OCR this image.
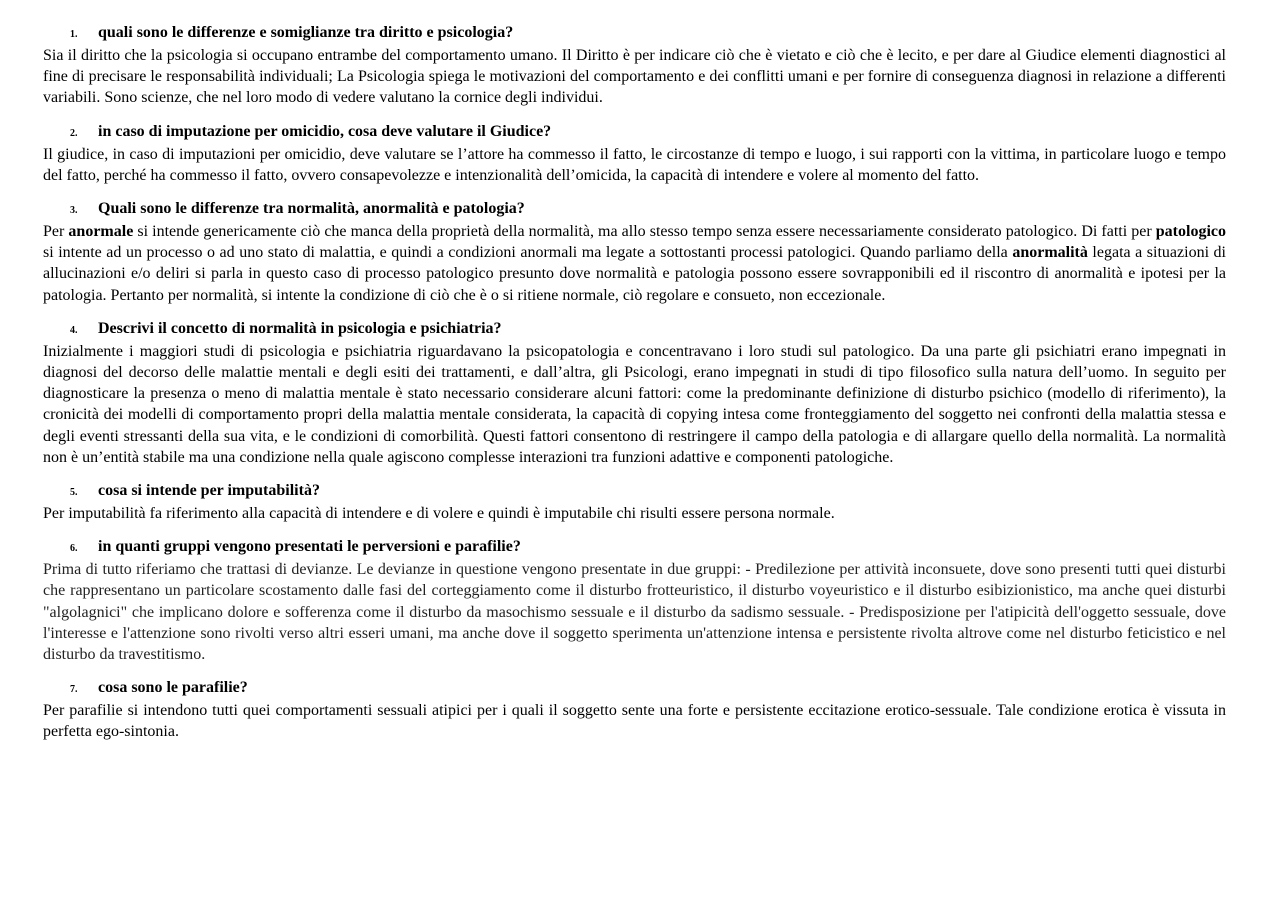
1.	quali sono le differenze e somiglianze tra diritto e psicologia?

Sia il diritto che la psicologia si occupano entrambe del comportamento umano. Il Diritto è per indicare ciò che è vietato e ciò che è lecito, e per dare al Giudice elementi diagnostici al fine di precisare le responsabilità individuali; La Psicologia spiega le motivazioni del comportamento e dei conflitti umani e per fornire di conseguenza diagnosi in relazione a differenti variabili. Sono scienze, che nel loro modo di vedere valutano la cornice degli individui.

2.	in caso di imputazione per omicidio, cosa deve valutare il Giudice?

Il giudice, in caso di imputazioni per omicidio, deve valutare se l’attore ha commesso il fatto, le circostanze di tempo e luogo, i sui rapporti con la vittima, in particolare luogo e tempo del fatto, perché ha commesso il fatto, ovvero consapevolezze e intenzionalità dell’omicida, la capacità di intendere e volere al momento del fatto.

3.	Quali sono le differenze tra normalità, anormalità e patologia?

Per anormale si intende genericamente ciò che manca della proprietà della normalità, ma allo stesso tempo senza essere necessariamente considerato patologico. Di fatti per patologico si intente ad un processo o ad uno stato di malattia, e quindi a condizioni anormali ma legate a sottostanti processi patologici. Quando parliamo della anormalità legata a situazioni di allucinazioni e/o deliri si parla in questo caso di processo patologico presunto dove normalità e patologia possono essere sovrapponibili ed il riscontro di anormalità e ipotesi per la patologia. Pertanto per normalità, si intente la condizione di ciò che è o si ritiene normale, ciò regolare e consueto, non eccezionale.

4.	Descrivi il concetto di normalità in psicologia e psichiatria?

Inizialmente i maggiori studi di psicologia e psichiatria riguardavano la psicopatologia e concentravano i loro studi sul patologico. Da una parte gli psichiatri erano impegnati in diagnosi del decorso delle malattie mentali e degli esiti dei trattamenti, e dall’altra, gli Psicologi, erano impegnati in studi di tipo filosofico sulla natura dell’uomo. In seguito per diagnosticare la presenza o meno di malattia mentale è stato necessario considerare alcuni fattori: come la predominante definizione di disturbo psichico (modello di riferimento), la cronicità dei modelli di comportamento propri della malattia mentale considerata, la capacità di copying intesa come fronteggiamento del soggetto nei confronti della malattia stessa e degli eventi stressanti della sua vita, e le condizioni di comorbilità. Questi fattori consentono di restringere il campo della patologia e di allargare quello della normalità. La normalità non è un’entità stabile ma una condizione nella quale agiscono complesse interazioni tra funzioni adattive e componenti patologiche.

5.	cosa si intende per imputabilità?

Per imputabilità fa riferimento alla capacità di intendere e di volere e quindi è imputabile chi risulti essere persona normale.

6.	in quanti gruppi vengono presentati le perversioni e parafilie?

Prima di tutto riferiamo che trattasi di devianze. Le devianze in questione vengono presentate in due gruppi: - Predilezione per attività inconsuete, dove sono presenti tutti quei disturbi che rappresentano un particolare scostamento dalle fasi del corteggiamento come il disturbo frotteuristico, il disturbo voyeuristico e il disturbo esibizionistico, ma anche quei disturbi "algolagnici" che implicano dolore e sofferenza come il disturbo da masochismo sessuale e il disturbo da sadismo sessuale. - Predisposizione per l'atipicità dell'oggetto sessuale, dove l'interesse e l'attenzione sono rivolti verso altri esseri umani, ma anche dove il soggetto sperimenta un'attenzione intensa e persistente rivolta altrove come nel disturbo feticistico e nel disturbo da travestitismo.

7.	cosa sono le parafilie?

Per parafilie si intendono tutti quei comportamenti sessuali atipici per i quali il soggetto sente una forte e persistente eccitazione erotico-sessuale. Tale condizione erotica è vissuta in perfetta ego-sintonia.
